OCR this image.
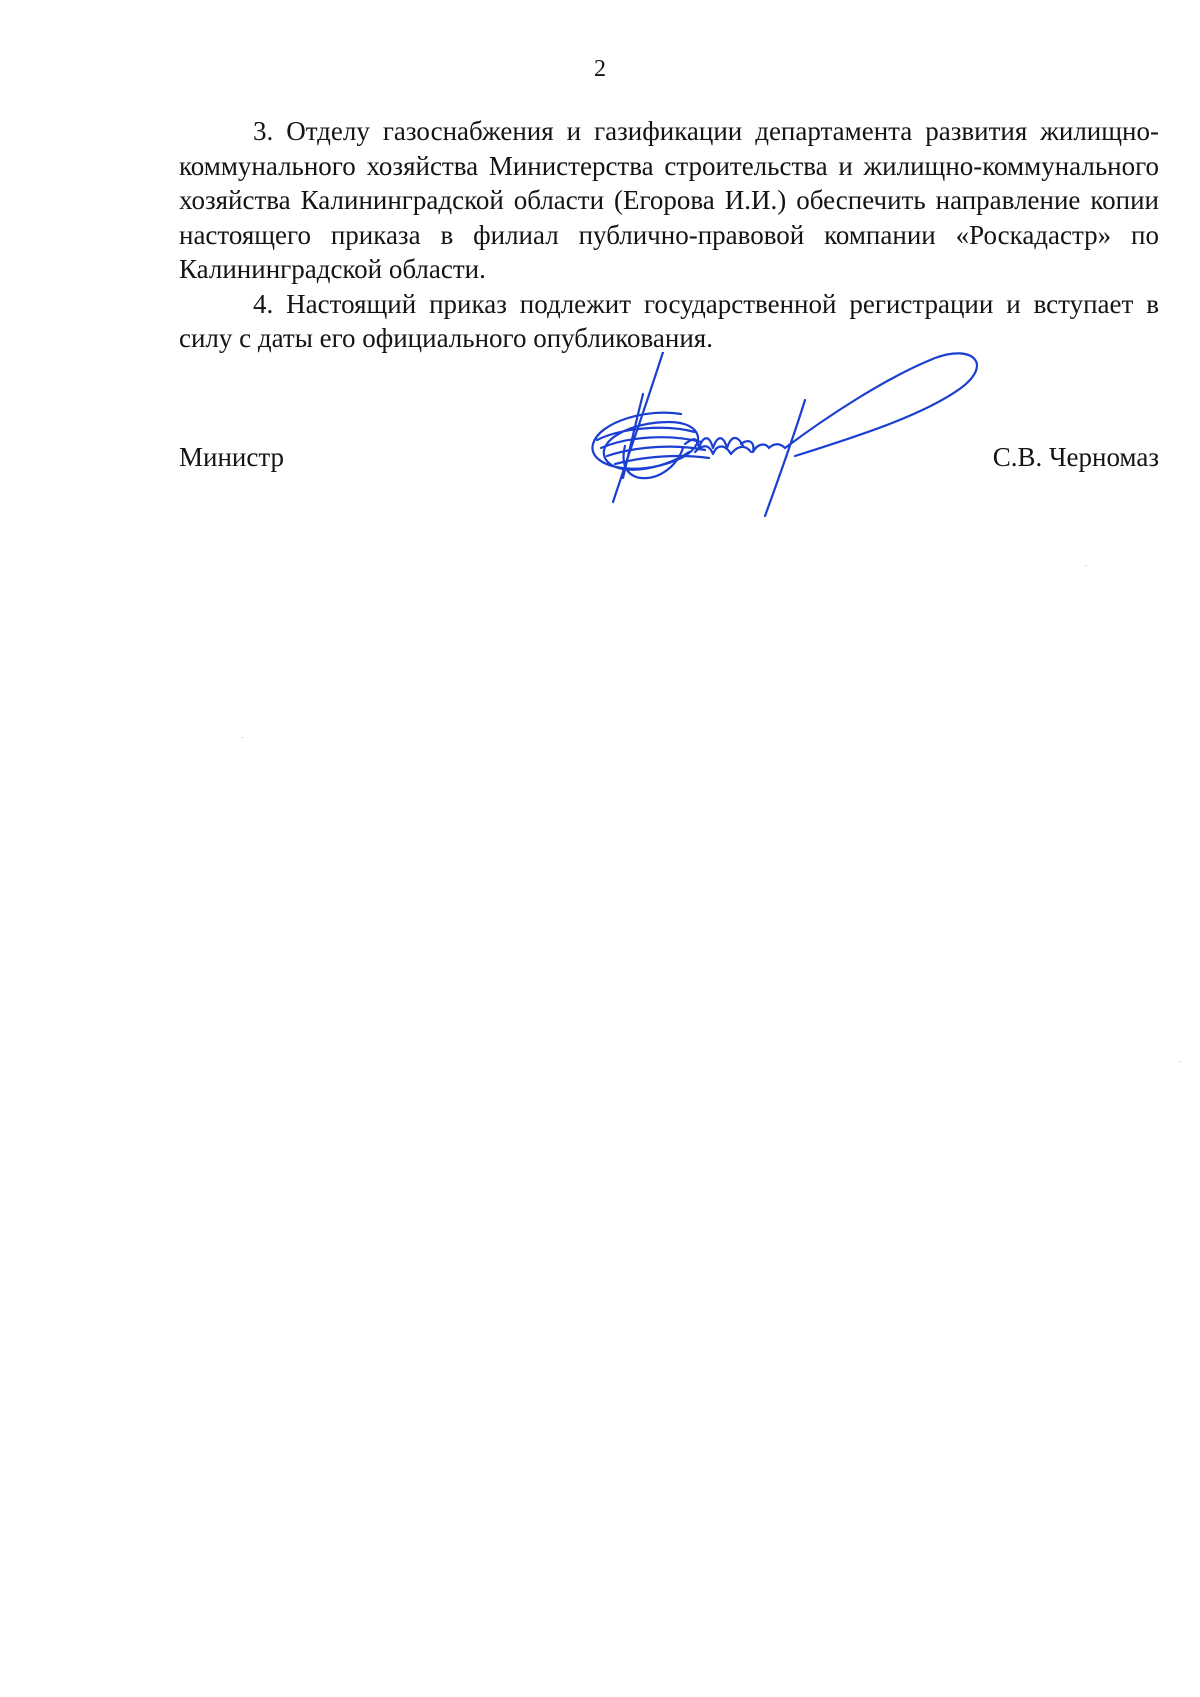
2

3. Отделу газоснабжения и газификации департамента развития жилищно-коммунального хозяйства Министерства строительства и жилищно-коммунального хозяйства Калининградской области (Егорова И.И.) обеспечить направление копии настоящего приказа в филиал публично-правовой компании «Роскадастр» по Калининградской области.

4. Настоящий приказ подлежит государственной регистрации и вступает в силу с даты его официального опубликования.

Министр	С.В. Черномаз
